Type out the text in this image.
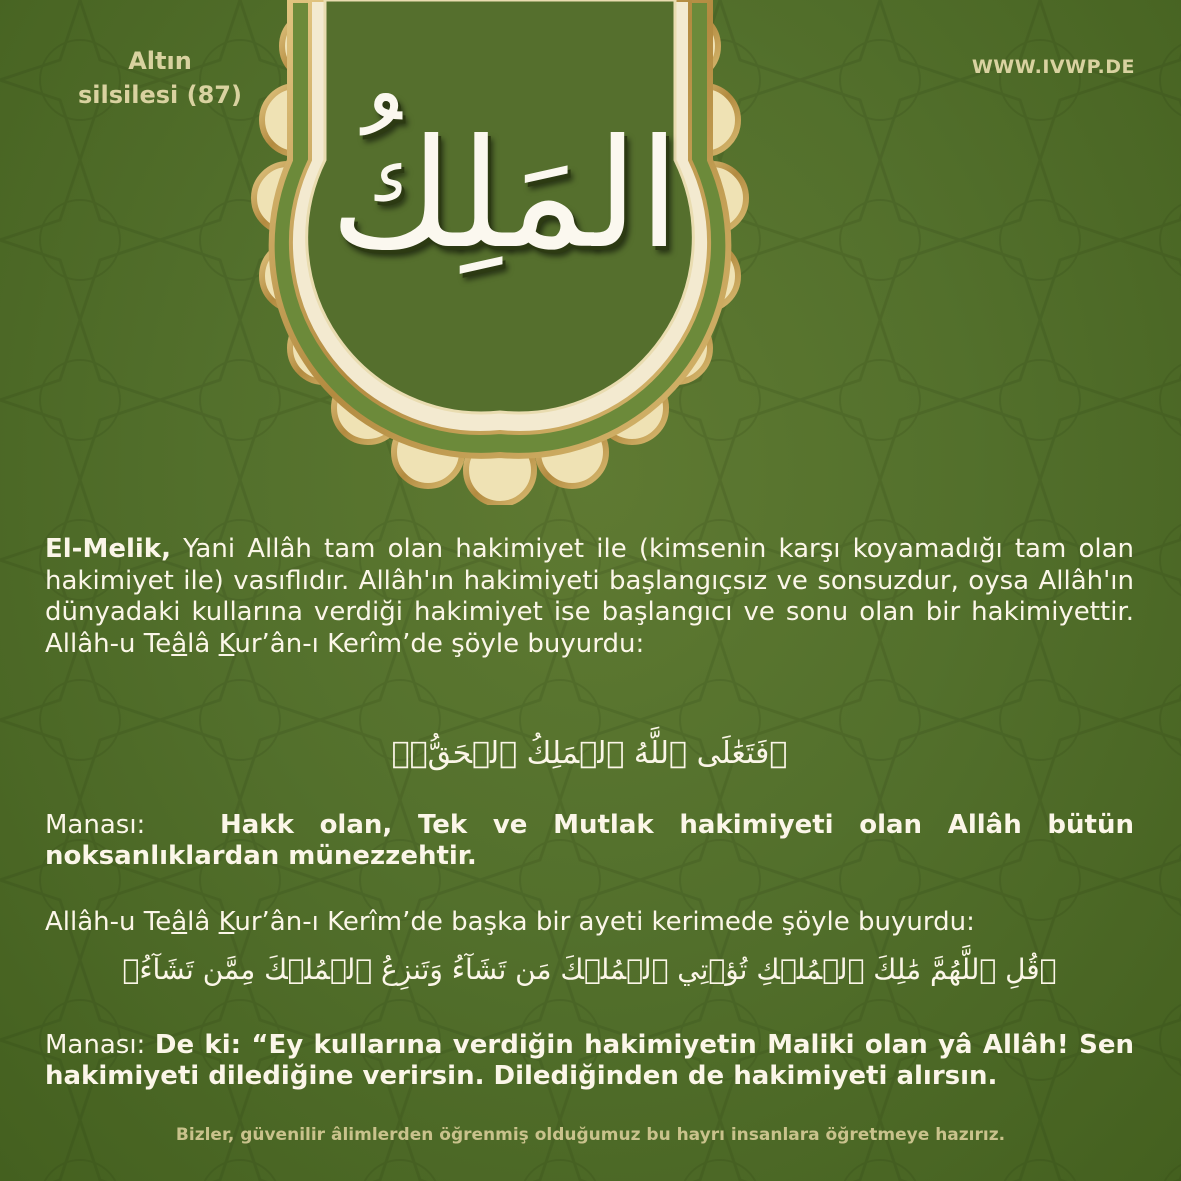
Altın
silsilesi (87)
WWW.IVWP.DE
المَلِكُ
El-Melik, Yani Allâh tam olan hakimiyet ile (kimsenin karşı koyamadığı tam olan hakimiyet ile) vasıflıdır. Allâh'ın hakimiyeti başlangıçsız ve sonsuzdur, oysa Allâh'ın dünyadaki kullarına verdiği hakimiyet ise başlangıcı ve sonu olan bir hakimiyettir. Allâh-u Teâlâ Kur’ân-ı Kerîm’de şöyle buyurdu:
﴿فَتَعَٰلَى ٱللَّهُ ٱلۡمَلِكُ ٱلۡحَقُّۗ﴾
Manası:	Hakk olan, Tek ve Mutlak hakimiyeti olan Allâh bütün noksanlıklardan münezzehtir.
Allâh-u Teâlâ Kur’ân-ı Kerîm’de başka bir ayeti kerimede şöyle buyurdu:
﴿قُلِ ٱللَّهُمَّ مَٰلِكَ ٱلۡمُلۡكِ تُؤۡتِي ٱلۡمُلۡكَ مَن تَشَآءُ وَتَنزِعُ ٱلۡمُلۡكَ مِمَّن تَشَآءُ﴾
Manası: De ki: “Ey kullarına verdiğin hakimiyetin Maliki olan yâ Allâh! Sen hakimiyeti dilediğine verirsin. Dilediğinden de hakimiyeti alırsın.
Bizler, güvenilir âlimlerden öğrenmiş olduğumuz bu hayrı insanlara öğretmeye hazırız.
